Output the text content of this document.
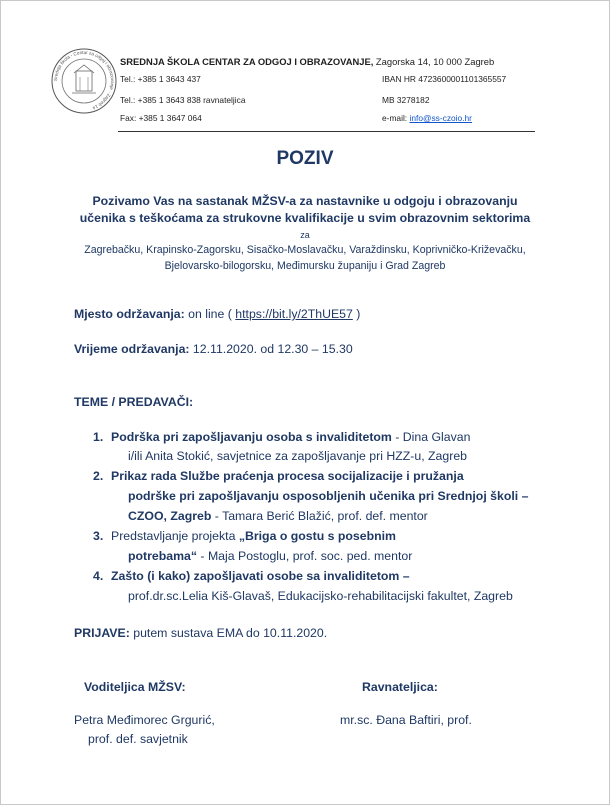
Srednja škola - Centar za odgoj i obrazovanje - Zagreb 14
SREDNJA ŠKOLA CENTAR ZA ODGOJ I OBRAZOVANJE, Zagorska 14, 10 000 Zagreb
Tel.: +385 1 3643 437	IBAN HR 4723600001101365557
Tel.: +385 1 3643 838 ravnateljica	MB 3278182
Fax: +385 1 3647 064	e-mail: info@ss-czoio.hr
POZIV
Pozivamo Vas na sastanak MŽSV-a za nastavnike u odgoju i obrazovanju
učenika s teškoćama za strukovne kvalifikacije u svim obrazovnim sektorima
za
Zagrebačku, Krapinsko-Zagorsku, Sisačko-Moslavačku, Varaždinsku, Koprivničko-Križevačku,
Bjelovarsko-bilogorsku, Međimursku županiju i Grad Zagreb
Mjesto održavanja: on line ( https://bit.ly/2ThUE57 )
Vrijeme održavanja: 12.11.2020. od 12.30 – 15.30
TEME / PREDAVAČI:
1. Podrška pri zapošljavanju osoba s invaliditetom - Dina Glavan
i/ili Anita Stokić, savjetnice za zapošljavanje pri HZZ-u, Zagreb
2. Prikaz rada Službe praćenja procesa socijalizacije i pružanja
podrške pri zapošljavanju osposobljenih učenika pri Srednjoj školi –
CZOO, Zagreb - Tamara Berić Blažić, prof. def. mentor
3. Predstavljanje projekta „Briga o gostu s posebnim
potrebama“ - Maja Postoglu, prof. soc. ped. mentor
4. Zašto (i kako) zapošljavati osobe sa invaliditetom –
prof.dr.sc.Lelia Kiš-Glavaš, Edukacijsko-rehabilitacijski fakultet, Zagreb
PRIJAVE: putem sustava EMA do 10.11.2020.
Voditeljica MŽSV:	Ravnateljica:
Petra Međimorec Grgurić,	mr.sc. Đana Baftiri, prof.
prof. def. savjetnik
